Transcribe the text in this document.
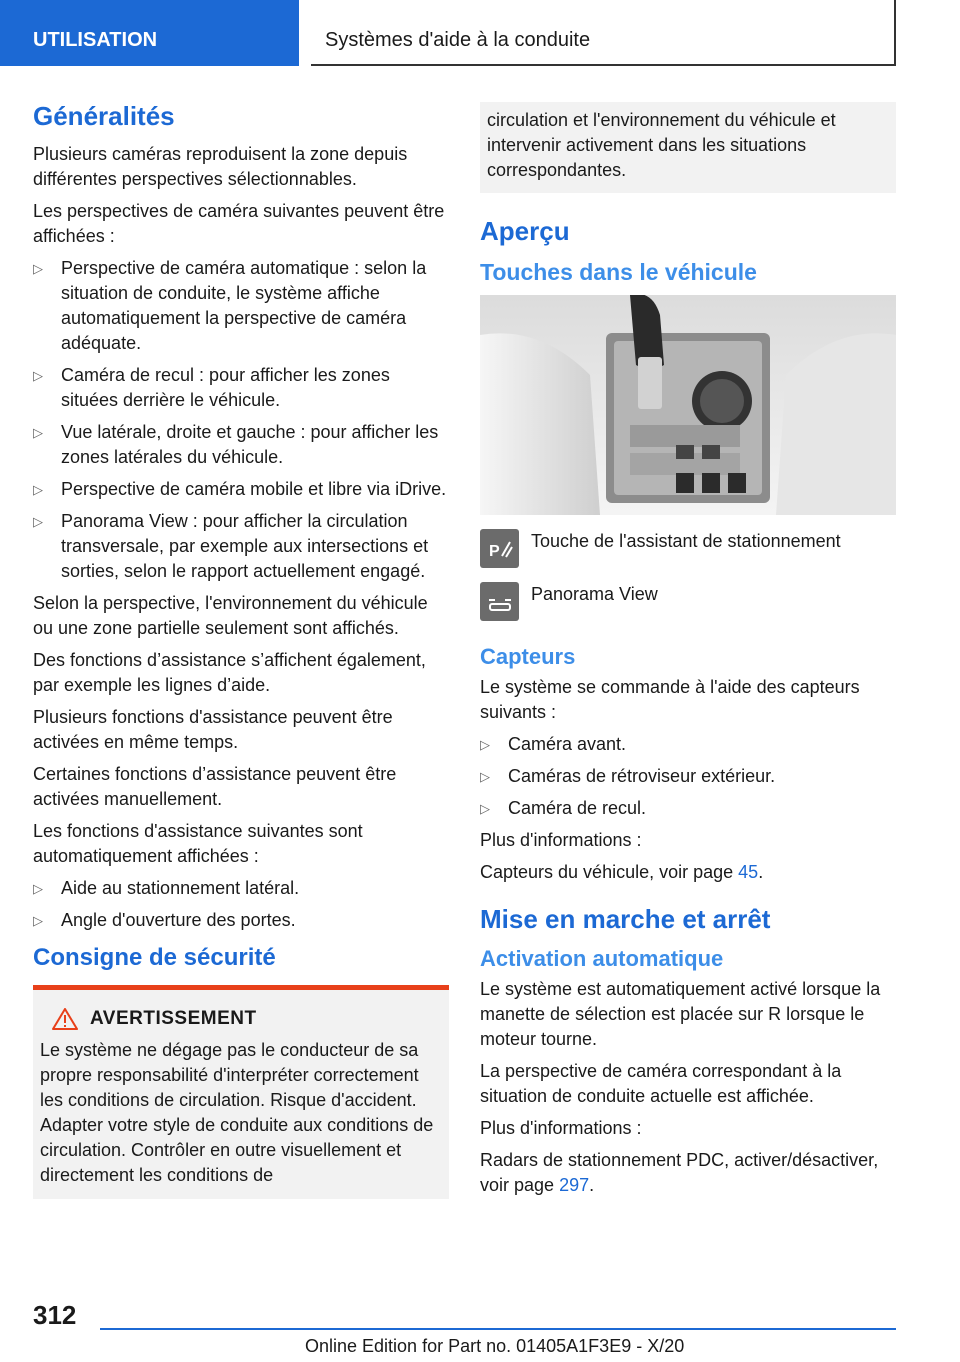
UTILISATION	Systèmes d'aide à la conduite
Généralités

Plusieurs caméras reproduisent la zone depuis différentes perspectives sélectionnables.

Les perspectives de caméra suivantes peuvent être affichées :

▷ Perspective de caméra automatique : selon la situation de conduite, le système affiche automatiquement la perspective de caméra adéquate.
▷ Caméra de recul : pour afficher les zones situées derrière le véhicule.
▷ Vue latérale, droite et gauche : pour afficher les zones latérales du véhicule.
▷ Perspective de caméra mobile et libre via iDrive.
▷ Panorama View : pour afficher la circulation transversale, par exemple aux intersections et sorties, selon le rapport actuellement engagé.

Selon la perspective, l'environnement du véhicule ou une zone partielle seulement sont affichés.

Des fonctions d’assistance s’affichent également, par exemple les lignes d’aide.

Plusieurs fonctions d'assistance peuvent être activées en même temps.

Certaines fonctions d’assistance peuvent être activées manuellement.

Les fonctions d'assistance suivantes sont automatiquement affichées :

▷ Aide au stationnement latéral.
▷ Angle d'ouverture des portes.
Consigne de sécurité
AVERTISSEMENT

Le système ne dégage pas le conducteur de sa propre responsabilité d'interpréter correctement les conditions de circulation. Risque d'accident. Adapter votre style de conduite aux conditions de circulation. Contrôler en outre visuellement et directement les conditions de

circulation et l'environnement du véhicule et intervenir activement dans les situations correspondantes.

Aperçu
Touches dans le véhicule
P Touche de l'assistant de stationnement
Panorama View
Capteurs

Le système se commande à l'aide des capteurs suivants :

▷ Caméra avant.
▷ Caméras de rétroviseur extérieur.
▷ Caméra de recul.

Plus d'informations :

Capteurs du véhicule, voir page 45.

Mise en marche et arrêt
Activation automatique

Le système est automatiquement activé lorsque la manette de sélection est placée sur R lorsque le moteur tourne.

La perspective de caméra correspondant à la situation de conduite actuelle est affichée.

Plus d'informations :

Radars de stationnement PDC, activer/désactiver, voir page 297.

312
Online Edition for Part no. 01405A1F3E9 - X/20
